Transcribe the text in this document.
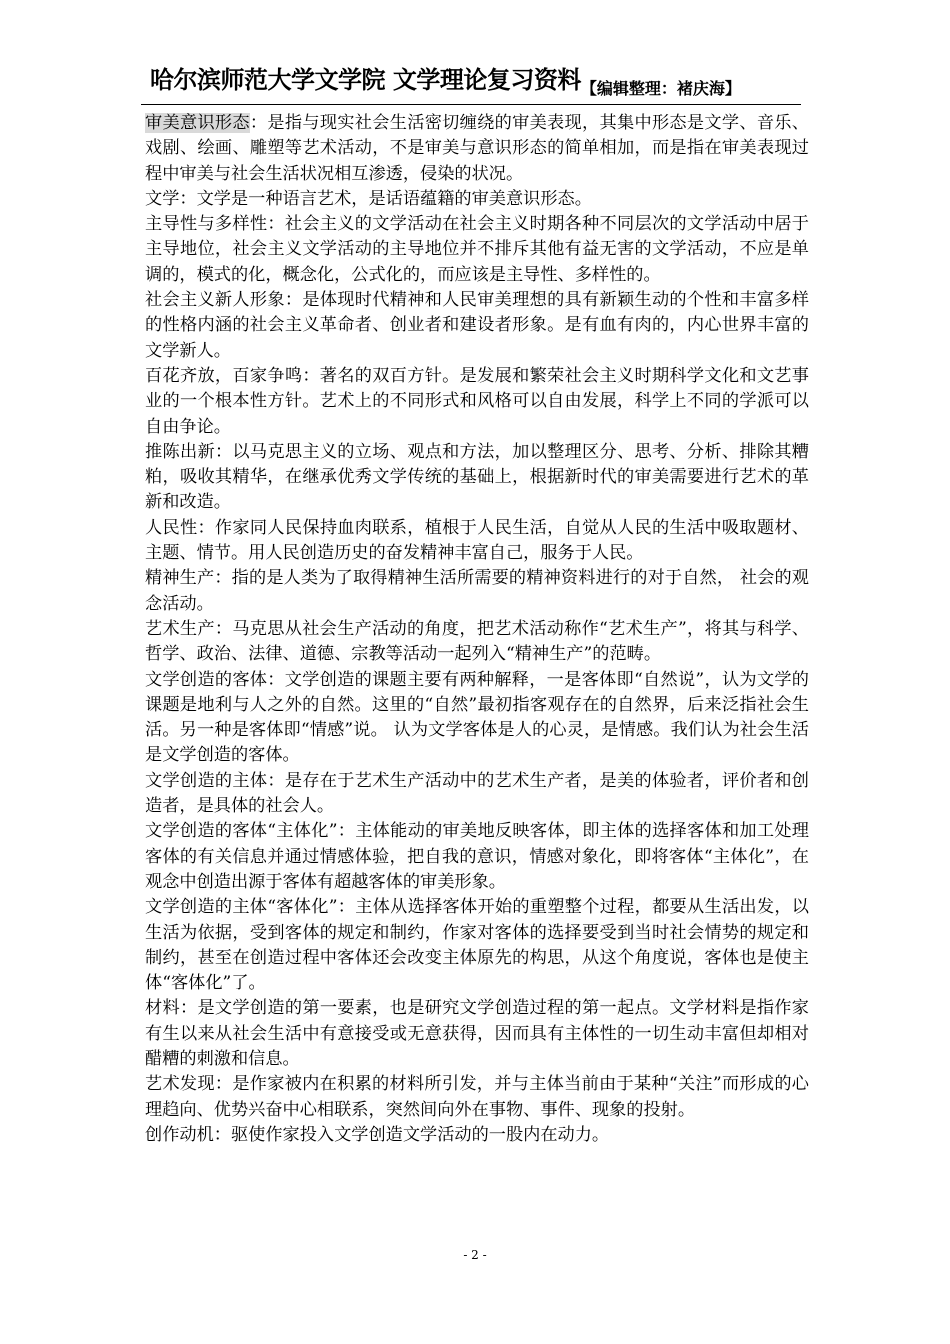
哈尔滨师范大学文学院 文学理论复习资料【编辑整理：褚庆海】

审美意识形态：是指与现实社会生活密切缠绕的审美表现，其集中形态是文学、音乐、戏剧、绘画、雕塑等艺术活动，不是审美与意识形态的简单相加，而是指在审美表现过程中审美与社会生活状况相互渗透，侵染的状况。

文学：文学是一种语言艺术，是话语蕴籍的审美意识形态。

主导性与多样性：社会主义的文学活动在社会主义时期各种不同层次的文学活动中居于主导地位，社会主义文学活动的主导地位并不排斥其他有益无害的文学活动，不应是单调的，模式的化，概念化，公式化的，而应该是主导性、多样性的。

社会主义新人形象：是体现时代精神和人民审美理想的具有新颖生动的个性和丰富多样的性格内涵的社会主义革命者、创业者和建设者形象。是有血有肉的，内心世界丰富的文学新人。

百花齐放，百家争鸣：著名的双百方针。是发展和繁荣社会主义时期科学文化和文艺事业的一个根本性方针。艺术上的不同形式和风格可以自由发展，科学上不同的学派可以自由争论。

推陈出新：以马克思主义的立场、观点和方法，加以整理区分、思考、分析、排除其糟粕，吸收其精华，在继承优秀文学传统的基础上，根据新时代的审美需要进行艺术的革新和改造。

人民性：作家同人民保持血肉联系，植根于人民生活，自觉从人民的生活中吸取题材、主题、情节。用人民创造历史的奋发精神丰富自己，服务于人民。

精神生产：指的是人类为了取得精神生活所需要的精神资料进行的对于自然， 社会的观念活动。

艺术生产：马克思从社会生产活动的角度，把艺术活动称作“艺术生产”，将其与科学、哲学、政治、法律、道德、宗教等活动一起列入“精神生产”的范畴。

文学创造的客体：文学创造的课题主要有两种解释，一是客体即“自然说”，认为文学的课题是地利与人之外的自然。这里的“自然”最初指客观存在的自然界，后来泛指社会生活。另一种是客体即“情感”说。 认为文学客体是人的心灵，是情感。我们认为社会生活是文学创造的客体。

文学创造的主体：是存在于艺术生产活动中的艺术生产者，是美的体验者，评价者和创造者，是具体的社会人。

文学创造的客体“主体化”：主体能动的审美地反映客体，即主体的选择客体和加工处理客体的有关信息并通过情感体验，把自我的意识，情感对象化，即将客体“主体化”，在观念中创造出源于客体有超越客体的审美形象。

文学创造的主体“客体化”：主体从选择客体开始的重塑整个过程，都要从生活出发，以生活为依据，受到客体的规定和制约，作家对客体的选择要受到当时社会情势的规定和制约，甚至在创造过程中客体还会改变主体原先的构思，从这个角度说，客体也是使主体“客体化”了。

材料：是文学创造的第一要素，也是研究文学创造过程的第一起点。文学材料是指作家有生以来从社会生活中有意接受或无意获得，因而具有主体性的一切生动丰富但却相对醋糟的刺激和信息。

艺术发现：是作家被内在积累的材料所引发，并与主体当前由于某种“关注”而形成的心理趋向、优势兴奋中心相联系，突然间向外在事物、事件、现象的投射。

创作动机：驱使作家投入文学创造文学活动的一股内在动力。

- 2 -
